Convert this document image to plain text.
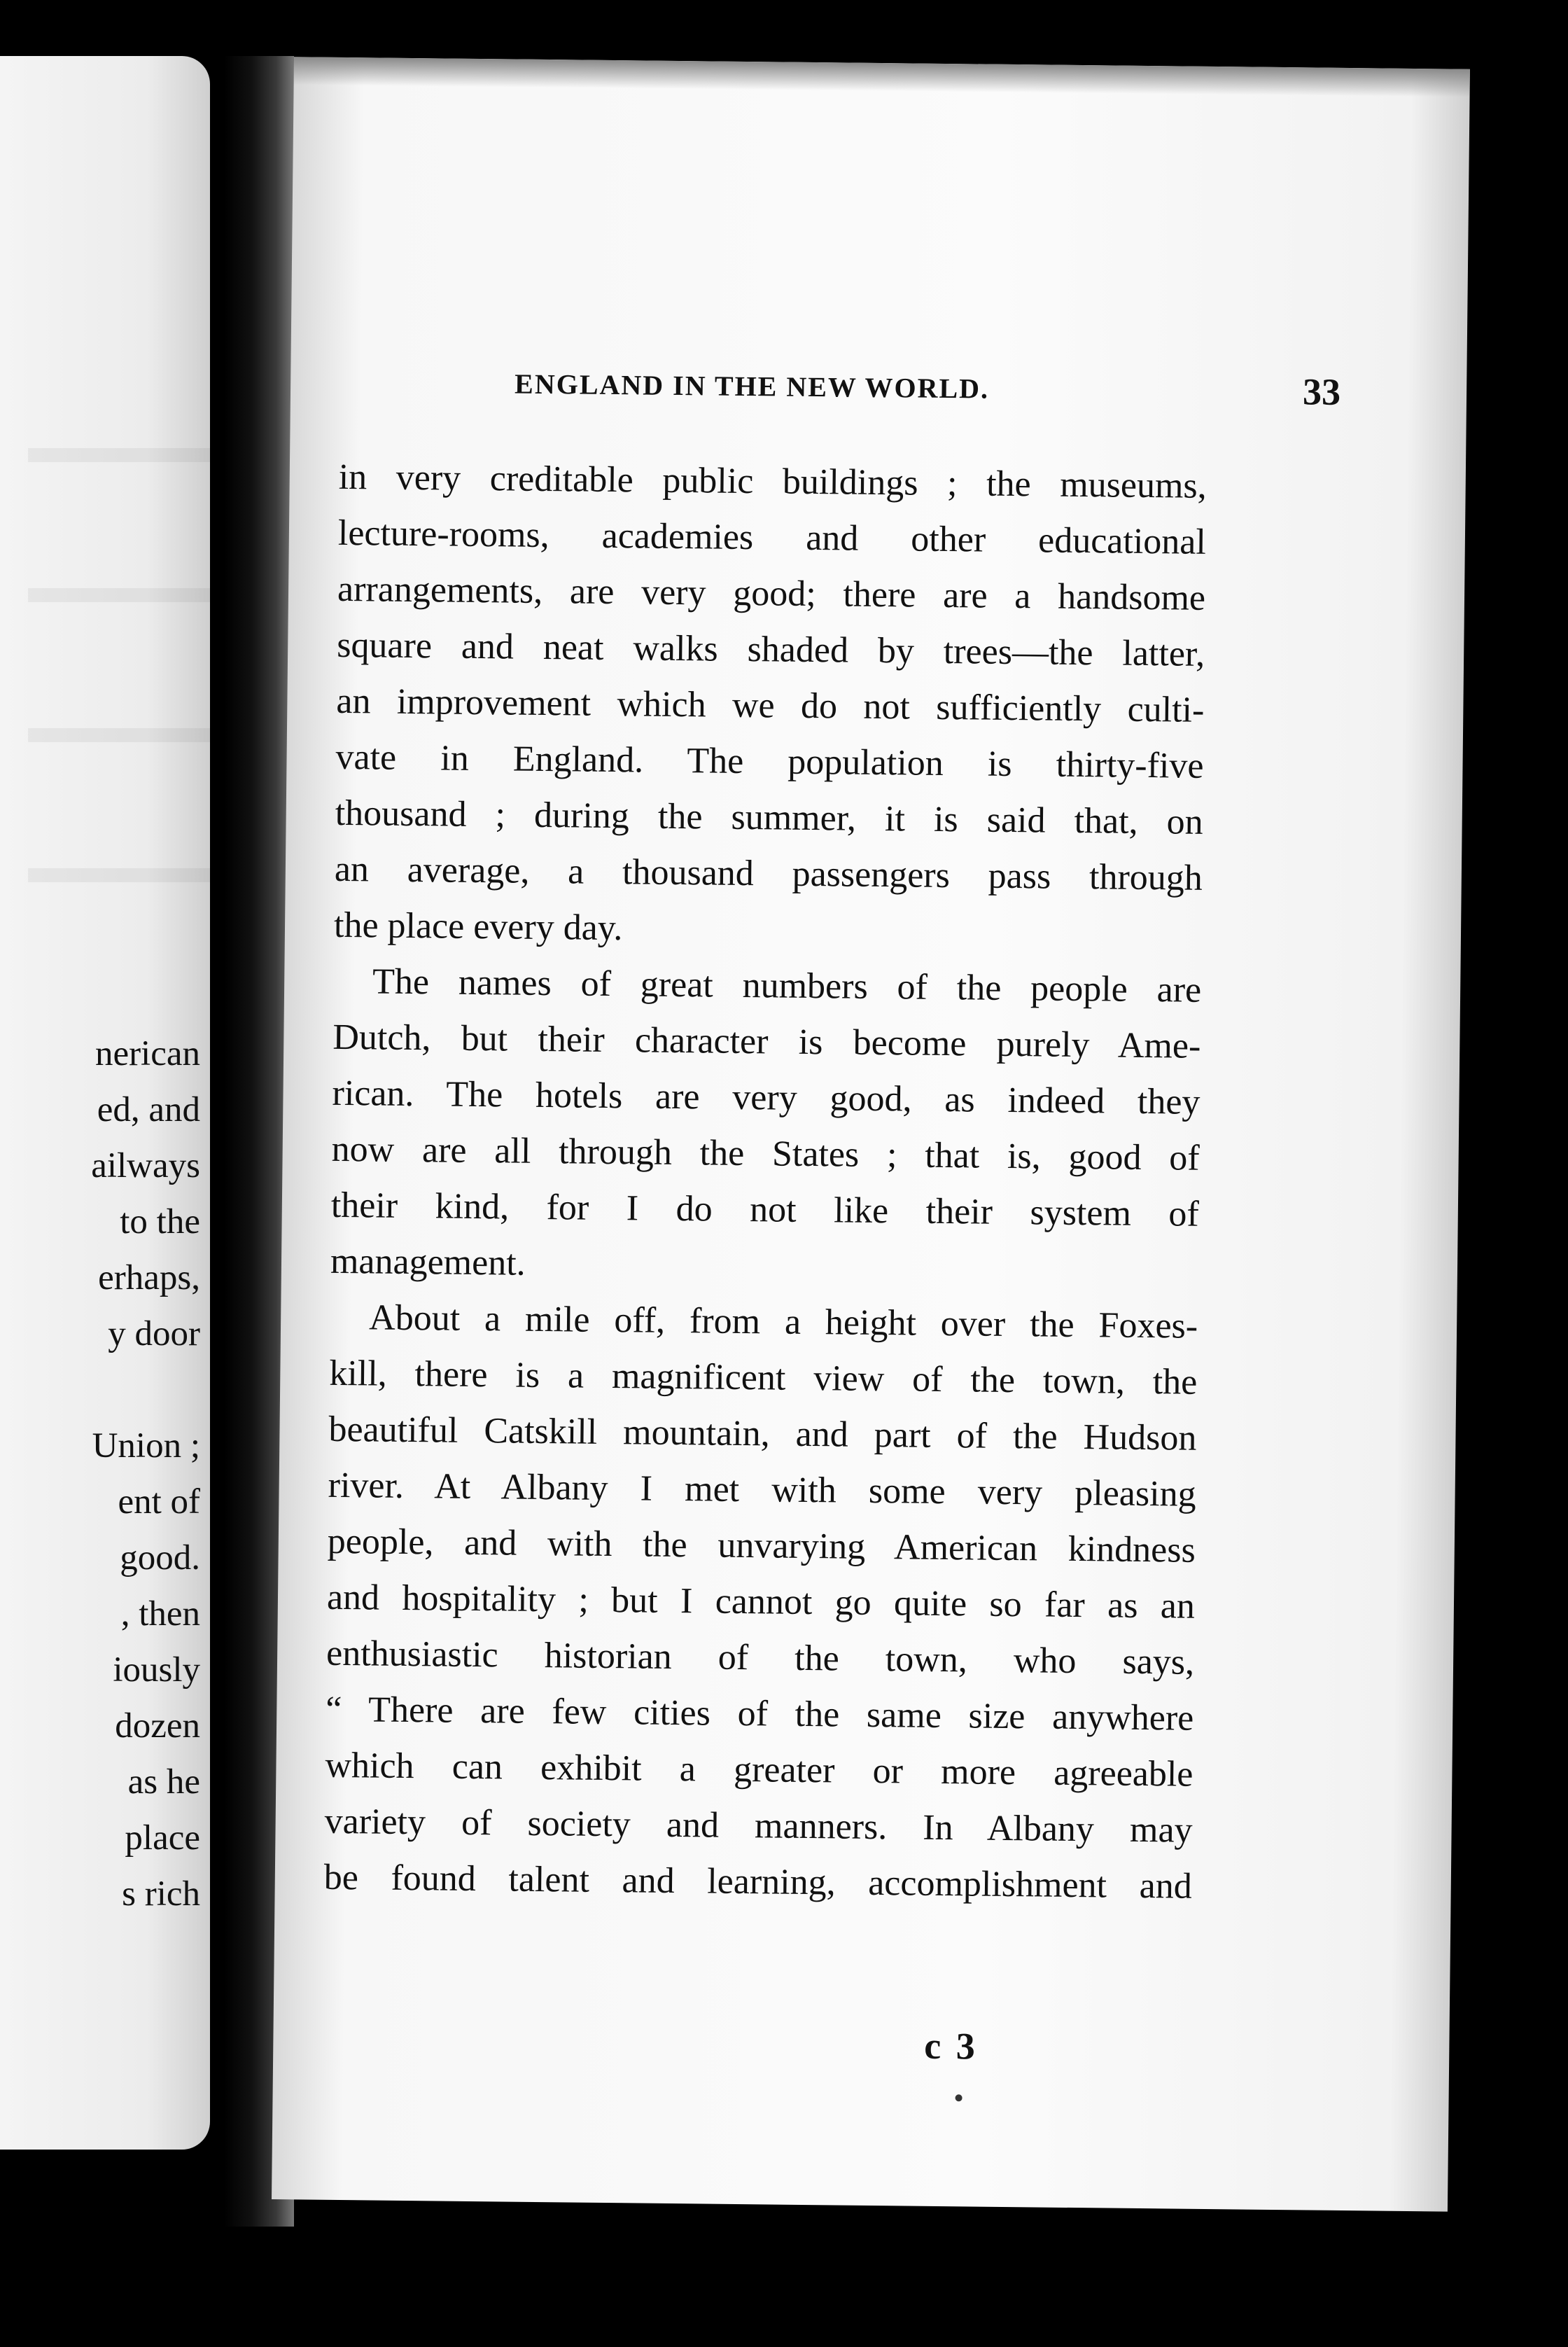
nerican
ed, and
ailways
to the
erhaps,
y door
Union ;
ent of
good.
, then
iously
dozen
as he
place
s rich
ENGLAND IN THE NEW WORLD.	33
in very creditable public buildings ; the museums,
lecture-rooms, academies and other educational
arrangements, are very good; there are a handsome
square and neat walks shaded by trees—the latter,
an improvement which we do not sufficiently culti-
vate in England. The population is thirty-five
thousand ; during the summer, it is said that, on
an average, a thousand passengers pass through
the place every day.
The names of great numbers of the people are
Dutch, but their character is become purely Ame-
rican. The hotels are very good, as indeed they
now are all through the States ; that is, good of
their kind, for I do not like their system of
management.
About a mile off, from a height over the Foxes-
kill, there is a magnificent view of the town, the
beautiful Catskill mountain, and part of the Hudson
river. At Albany I met with some very pleasing
people, and with the unvarying American kindness
and hospitality ; but I cannot go quite so far as an
enthusiastic historian of the town, who says,
“ There are few cities of the same size anywhere
which can exhibit a greater or more agreeable
variety of society and manners. In Albany may
be found talent and learning, accomplishment and
c 3
